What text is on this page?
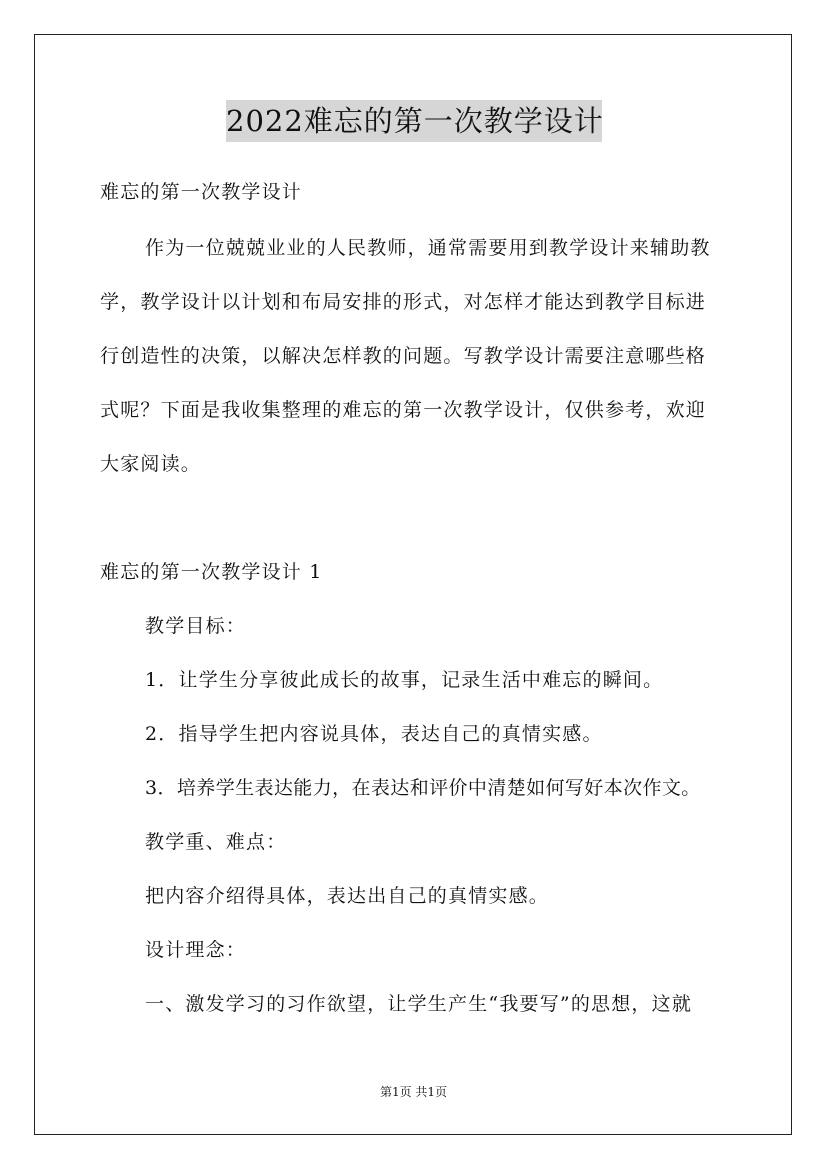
2022难忘的第一次教学设计
难忘的第一次教学设计
作为一位兢兢业业的人民教师，通常需要用到教学设计来辅助教
学，教学设计以计划和布局安排的形式，对怎样才能达到教学目标进
行创造性的决策，以解决怎样教的问题。写教学设计需要注意哪些格
式呢？下面是我收集整理的难忘的第一次教学设计，仅供参考，欢迎
大家阅读。
难忘的第一次教学设计 1
教学目标：
1．让学生分享彼此成长的故事，记录生活中难忘的瞬间。
2．指导学生把内容说具体，表达自己的真情实感。
3．培养学生表达能力，在表达和评价中清楚如何写好本次作文。
教学重、难点：
把内容介绍得具体，表达出自己的真情实感。
设计理念：
一、激发学习的习作欲望，让学生产生“我要写”的思想，这就
第1页 共1页
